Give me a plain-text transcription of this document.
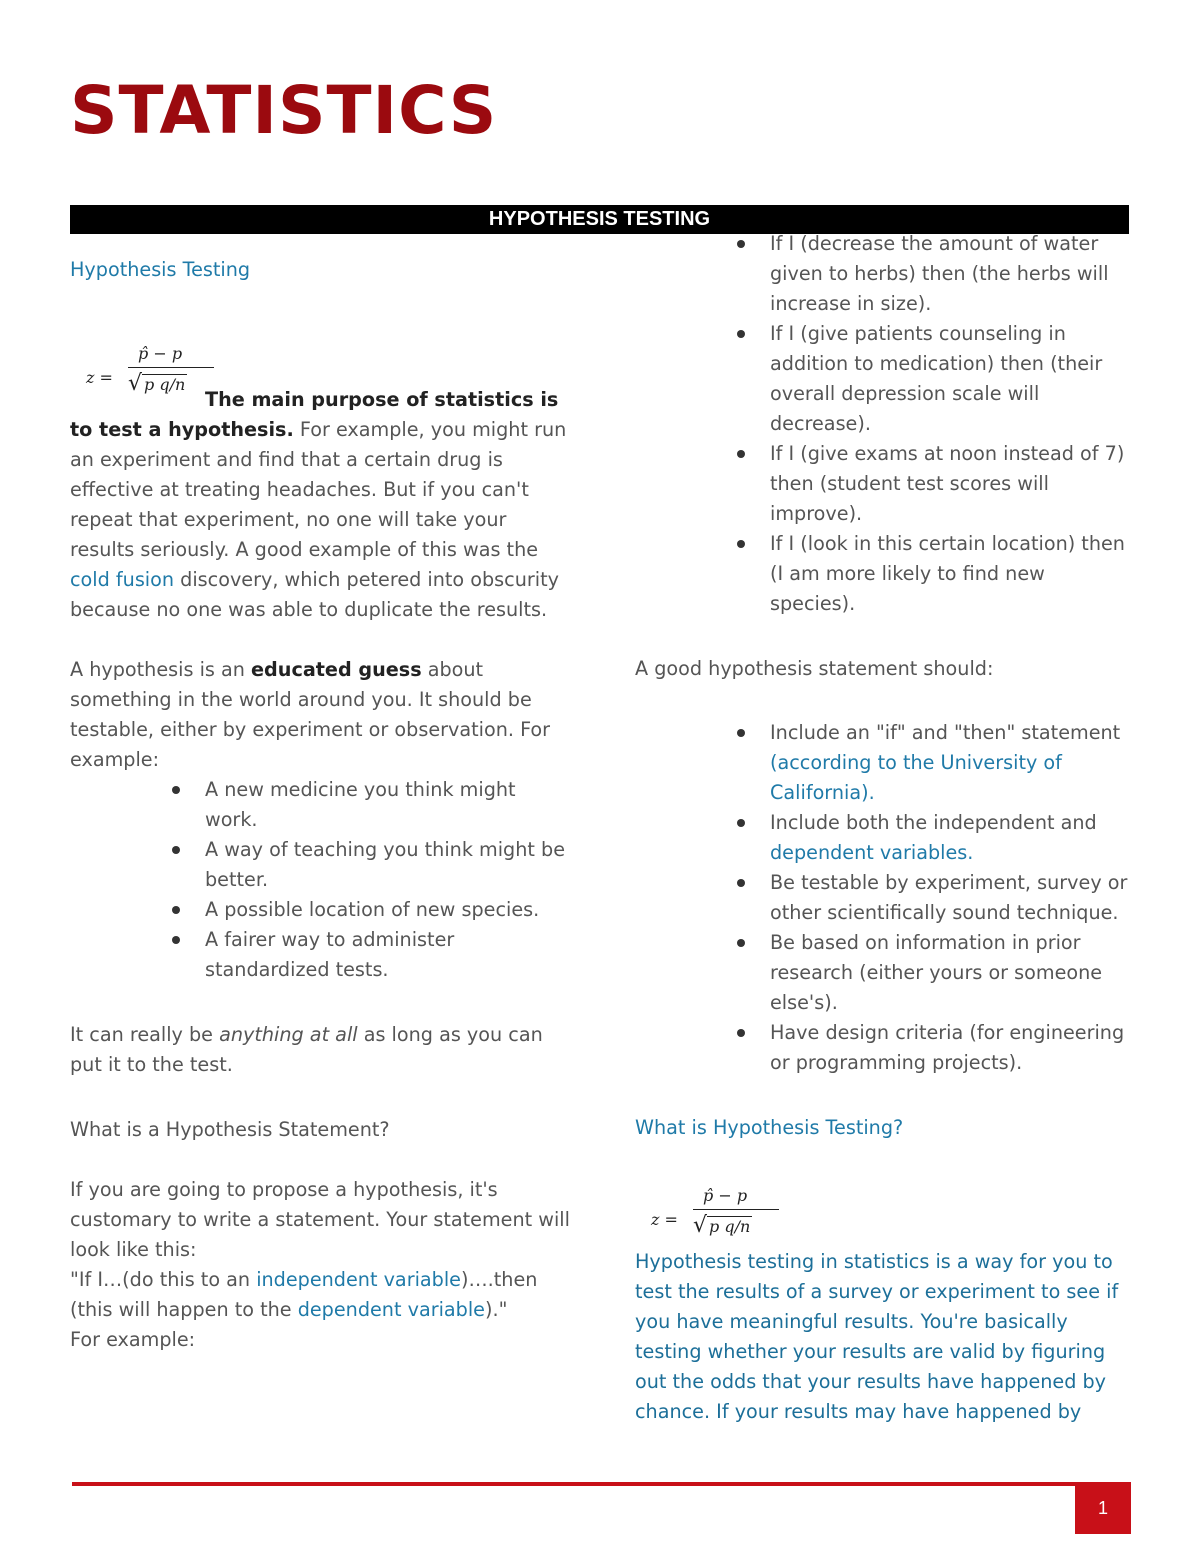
STATISTICS
HYPOTHESIS TESTING

Hypothesis Testing

z =
p̂ − p
√ p q/n

The main purpose of statistics is to test a hypothesis. For example, you might run an experiment and find that a certain drug is effective at treating headaches. But if you can't repeat that experiment, no one will take your results seriously. A good example of this was the cold fusion discovery, which petered into obscurity because no one was able to duplicate the results.

A hypothesis is an educated guess about something in the world around you. It should be testable, either by experiment or observation. For example:

A new medicine you think might work.
A way of teaching you think might be better.
A possible location of new species.
A fairer way to administer standardized tests.

It can really be anything at all as long as you can put it to the test.

What is a Hypothesis Statement?

If you are going to propose a hypothesis, it's customary to write a statement. Your statement will look like this:

"If I…(do this to an independent variable)….then (this will happen to the dependent variable)."

For example:

If I (decrease the amount of water given to herbs) then (the herbs will increase in size).
If I (give patients counseling in addition to medication) then (their overall depression scale will decrease).
If I (give exams at noon instead of 7) then (student test scores will improve).
If I (look in this certain location) then (I am more likely to find new species).

A good hypothesis statement should:

Include an "if" and "then" statement (according to the University of California).
Include both the independent and dependent variables.
Be testable by experiment, survey or other scientifically sound technique.
Be based on information in prior research (either yours or someone else's).
Have design criteria (for engineering or programming projects).

What is Hypothesis Testing?

z =
p̂ − p
√ p q/n

Hypothesis testing in statistics is a way for you to test the results of a survey or experiment to see if you have meaningful results. You're basically testing whether your results are valid by figuring out the odds that your results have happened by chance. If your results may have happened by

1
